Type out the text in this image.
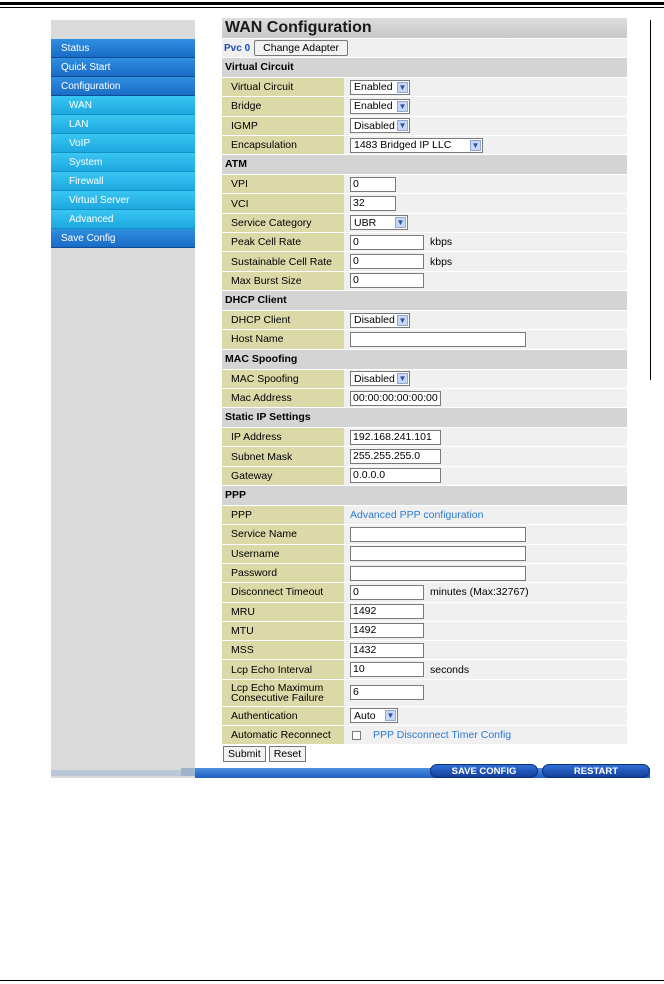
Status
Quick Start
Configuration
WAN
LAN
VoIP
System
Firewall
Virtual Server
Advanced
Save Config
WAN Configuration
Pvc 0	Change Adapter
Virtual Circuit
Virtual Circuit	Enabled ▼
Bridge	Enabled ▼
IGMP	Disabled ▼
Encapsulation	1483 Bridged IP LLC	▼
ATM
VPI	0
VCI	32
Service Category	UBR	▼
Peak Cell Rate	0	kbps
Sustainable Cell Rate	0	kbps
Max Burst Size	0
DHCP Client
DHCP Client	Disabled ▼
Host Name
MAC Spoofing
MAC Spoofing	Disabled ▼
Mac Address	00:00:00:00:00:00
Static IP Settings
IP Address	192.168.241.101
Subnet Mask	255.255.255.0
Gateway	0.0.0.0
PPP
PPP	Advanced PPP configuration
Service Name
Username
Password
Disconnect Timeout	0	minutes (Max:32767)
MRU	1492
MTU	1492
MSS	1432
Lcp Echo Interval	10	seconds
Lcp Echo Maximum Consecutive Failure	6
Authentication	Auto ▼
Automatic Reconnect	PPP Disconnect Timer Config
Submit	Reset
SAVE CONFIG	RESTART
